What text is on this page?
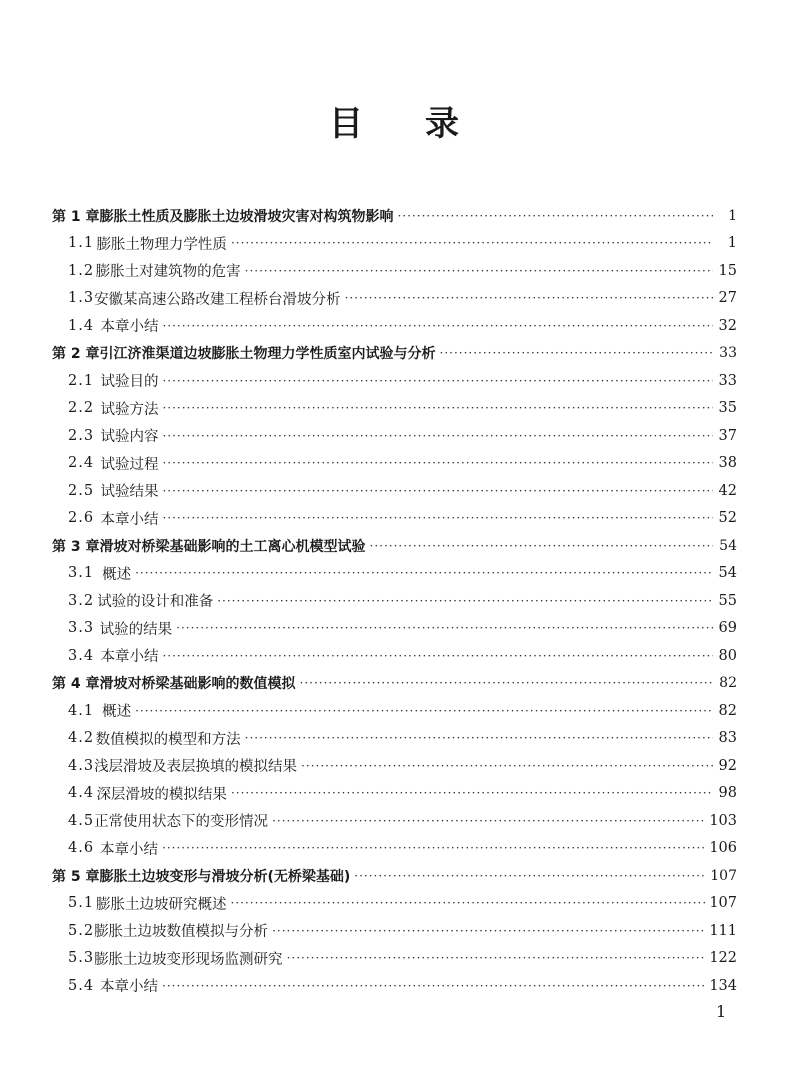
目 录
第 1 章 膨胀土性质及膨胀土边坡滑坡灾害对构筑物影响 ·····	1
1.1 膨胀土物理力学性质 ·····	1
1.2 膨胀土对建筑物的危害 ·····	15
1.3 安徽某高速公路改建工程桥台滑坡分析 ·····	27
1.4 本章小结 ·····	32
第 2 章 引江济淮渠道边坡膨胀土物理力学性质室内试验与分析 ·····	33
2.1 试验目的 ·····	33
2.2 试验方法 ·····	35
2.3 试验内容 ·····	37
2.4 试验过程 ·····	38
2.5 试验结果 ·····	42
2.6 本章小结 ·····	52
第 3 章 滑坡对桥梁基础影响的土工离心机模型试验 ·····	54
3.1 概述 ·····	54
3.2 试验的设计和准备 ·····	55
3.3 试验的结果 ·····	69
3.4 本章小结 ·····	80
第 4 章 滑坡对桥梁基础影响的数值模拟 ·····	82
4.1 概述 ·····	82
4.2 数值模拟的模型和方法 ·····	83
4.3 浅层滑坡及表层换填的模拟结果 ·····	92
4.4 深层滑坡的模拟结果 ·····	98
4.5 正常使用状态下的变形情况 ·····	103
4.6 本章小结 ·····	106
第 5 章 膨胀土边坡变形与滑坡分析(无桥梁基础) ·····	107
5.1 膨胀土边坡研究概述 ·····	107
5.2 膨胀土边坡数值模拟与分析 ·····	111
5.3 膨胀土边坡变形现场监测研究 ·····	122
5.4 本章小结 ·····	134
1
